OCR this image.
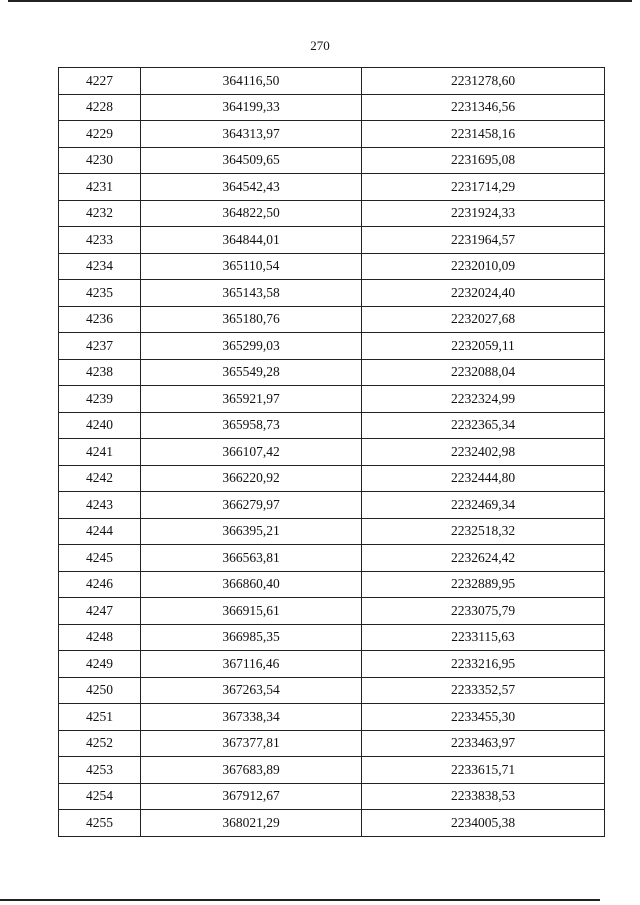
270
4227	364116,50	2231278,60
4228	364199,33	2231346,56
4229	364313,97	2231458,16
4230	364509,65	2231695,08
4231	364542,43	2231714,29
4232	364822,50	2231924,33
4233	364844,01	2231964,57
4234	365110,54	2232010,09
4235	365143,58	2232024,40
4236	365180,76	2232027,68
4237	365299,03	2232059,11
4238	365549,28	2232088,04
4239	365921,97	2232324,99
4240	365958,73	2232365,34
4241	366107,42	2232402,98
4242	366220,92	2232444,80
4243	366279,97	2232469,34
4244	366395,21	2232518,32
4245	366563,81	2232624,42
4246	366860,40	2232889,95
4247	366915,61	2233075,79
4248	366985,35	2233115,63
4249	367116,46	2233216,95
4250	367263,54	2233352,57
4251	367338,34	2233455,30
4252	367377,81	2233463,97
4253	367683,89	2233615,71
4254	367912,67	2233838,53
4255	368021,29	2234005,38
